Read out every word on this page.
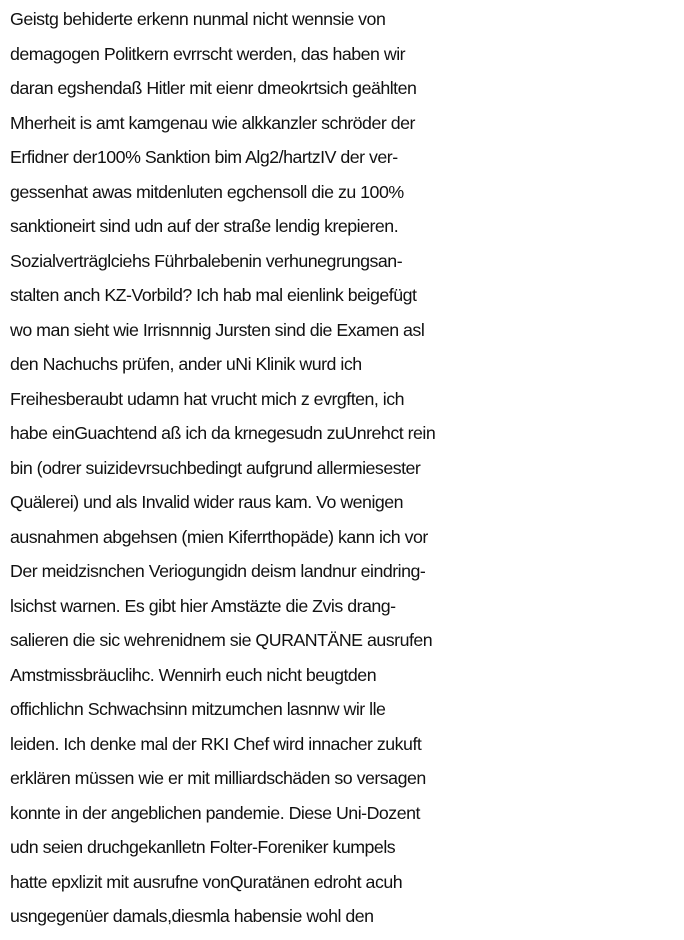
Geistg behiderte erkenn nunmal nicht wennsie von
demagogen Politkern evrrscht werden, das haben wir
daran egshendaß Hitler mit eienr dmeokrtsich geählten
Mherheit is amt kamgenau wie alkkanzler schröder der
Erfidner der100% Sanktion bim Alg2/hartzIV der ver-
gessenhat awas mitdenluten egchensoll die zu 100%
sanktioneirt sind udn auf der straße lendig krepieren.
Sozialverträglciehs Führbalebenin verhunegrungsan-
stalten anch KZ-Vorbild? Ich hab mal eienlink beigefügt
wo man sieht wie Irrisnnnig Jursten sind die Examen asl
den Nachuchs prüfen, ander uNi Klinik wurd ich
Freihesberaubt udamn hat vrucht mich z evrgften, ich
habe einGuachtend aß ich da krnegesudn zuUnrehct rein
bin (odrer suizidevrsuchbedingt aufgrund allermiesester
Quälerei) und als Invalid wider raus kam. Vo wenigen
ausnahmen abgehsen (mien Kiferrthopäde) kann ich vor
Der meidzisnchen Veriogungidn deism landnur eindring-
lsichst warnen. Es gibt hier Amstäzte die Zvis drang-
salieren die sic wehrenidnem sie QURANTÄNE ausrufen
Amstmissbräuclihc. Wennirh euch nicht beugtden
offichlichn Schwachsinn mitzumchen lasnnw wir lle
leiden. Ich denke mal der RKI Chef wird innacher zukuft
erklären müssen wie er mit milliardschäden so versagen
konnte in der angeblichen pandemie. Diese Uni-Dozent
udn seien druchgekanlletn Folter-Foreniker kumpels
hatte epxlizit mit ausrufne vonQuratänen edroht acuh
usngegenüer damals,diesmla habensie wohl den
